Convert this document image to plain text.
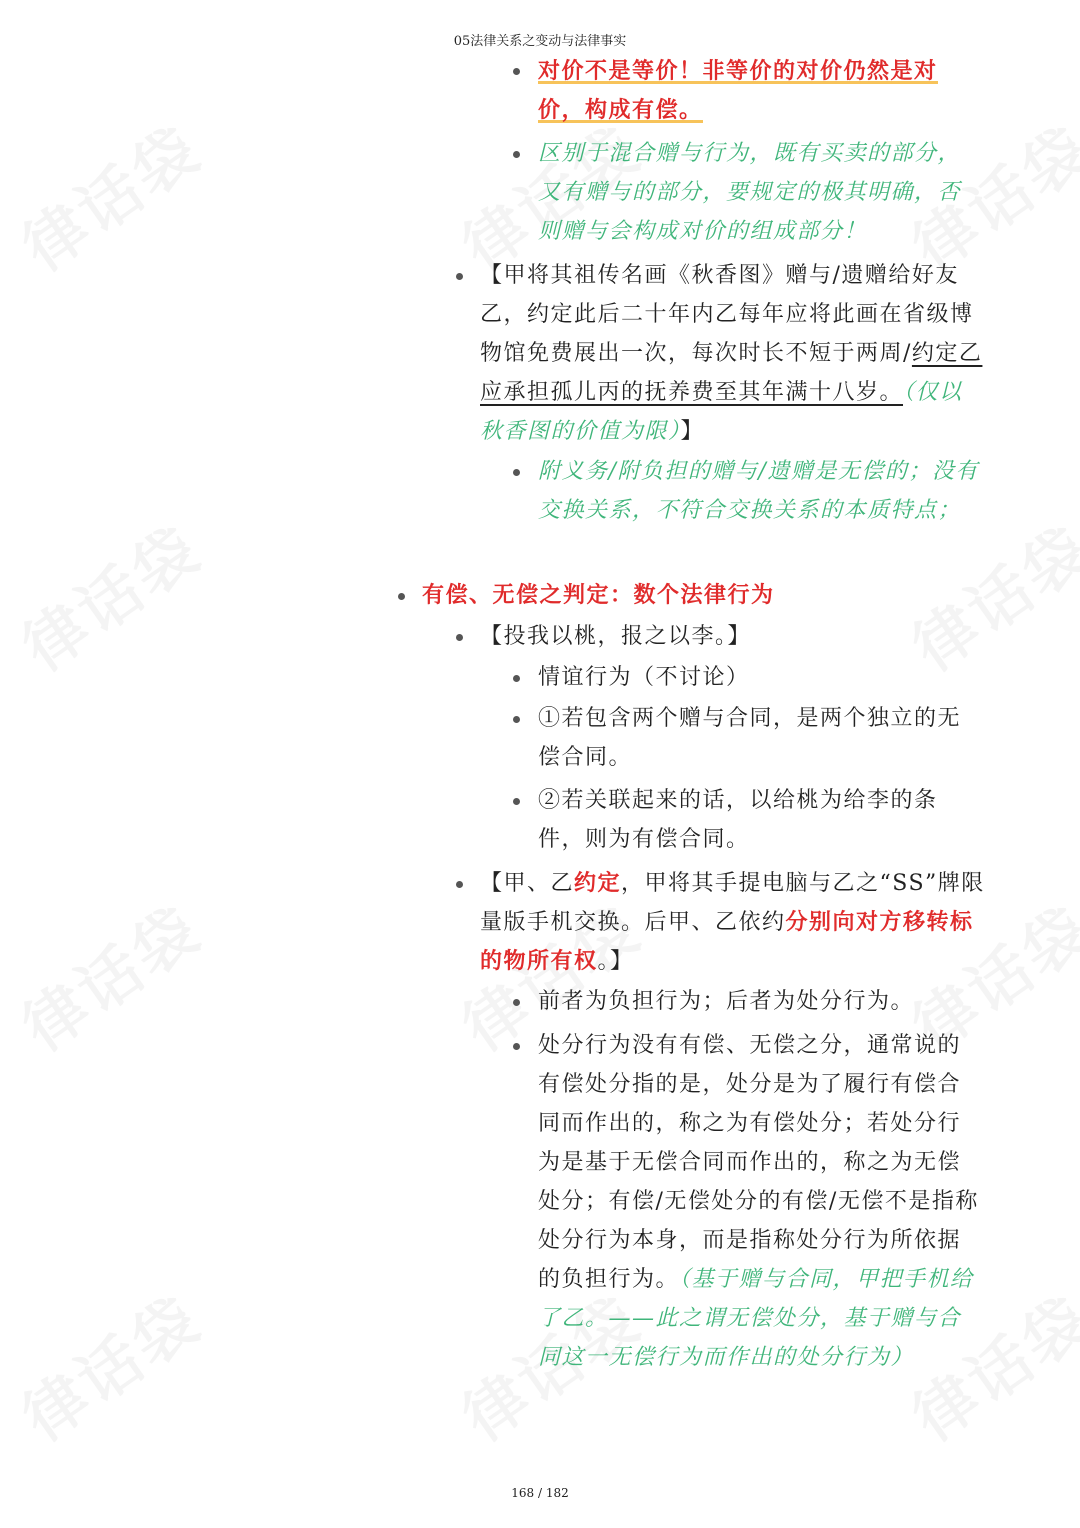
05法律关系之变动与法律事实
对价不是等价！非等价的对价仍然是对价，构成有偿。
区别于混合赠与行为，既有买卖的部分，又有赠与的部分，要规定的极其明确，否则赠与会构成对价的组成部分！
【甲将其祖传名画《秋香图》赠与/遗赠给好友乙，约定此后二十年内乙每年应将此画在省级博物馆免费展出一次，每次时长不短于两周/约定乙应承担孤儿丙的抚养费至其年满十八岁。（仅以秋香图的价值为限）】
附义务/附负担的赠与/遗赠是无偿的；没有交换关系，不符合交换关系的本质特点；
有偿、无偿之判定：数个法律行为
【投我以桃，报之以李。】
情谊行为（不讨论）
①若包含两个赠与合同，是两个独立的无偿合同。
②若关联起来的话，以给桃为给李的条件，则为有偿合同。
【甲、乙约定，甲将其手提电脑与乙之“SS”牌限量版手机交换。后甲、乙依约分别向对方移转标的物所有权。】
前者为负担行为；后者为处分行为。
处分行为没有有偿、无偿之分，通常说的有偿处分指的是，处分是为了履行有偿合同而作出的，称之为有偿处分；若处分行为是基于无偿合同而作出的，称之为无偿处分；有偿/无偿处分的有偿/无偿不是指称处分行为本身，而是指称处分行为所依据的负担行为。（基于赠与合同，甲把手机给了乙。——此之谓无偿处分，基于赠与合同这一无偿行为而作出的处分行为）
168 / 182
